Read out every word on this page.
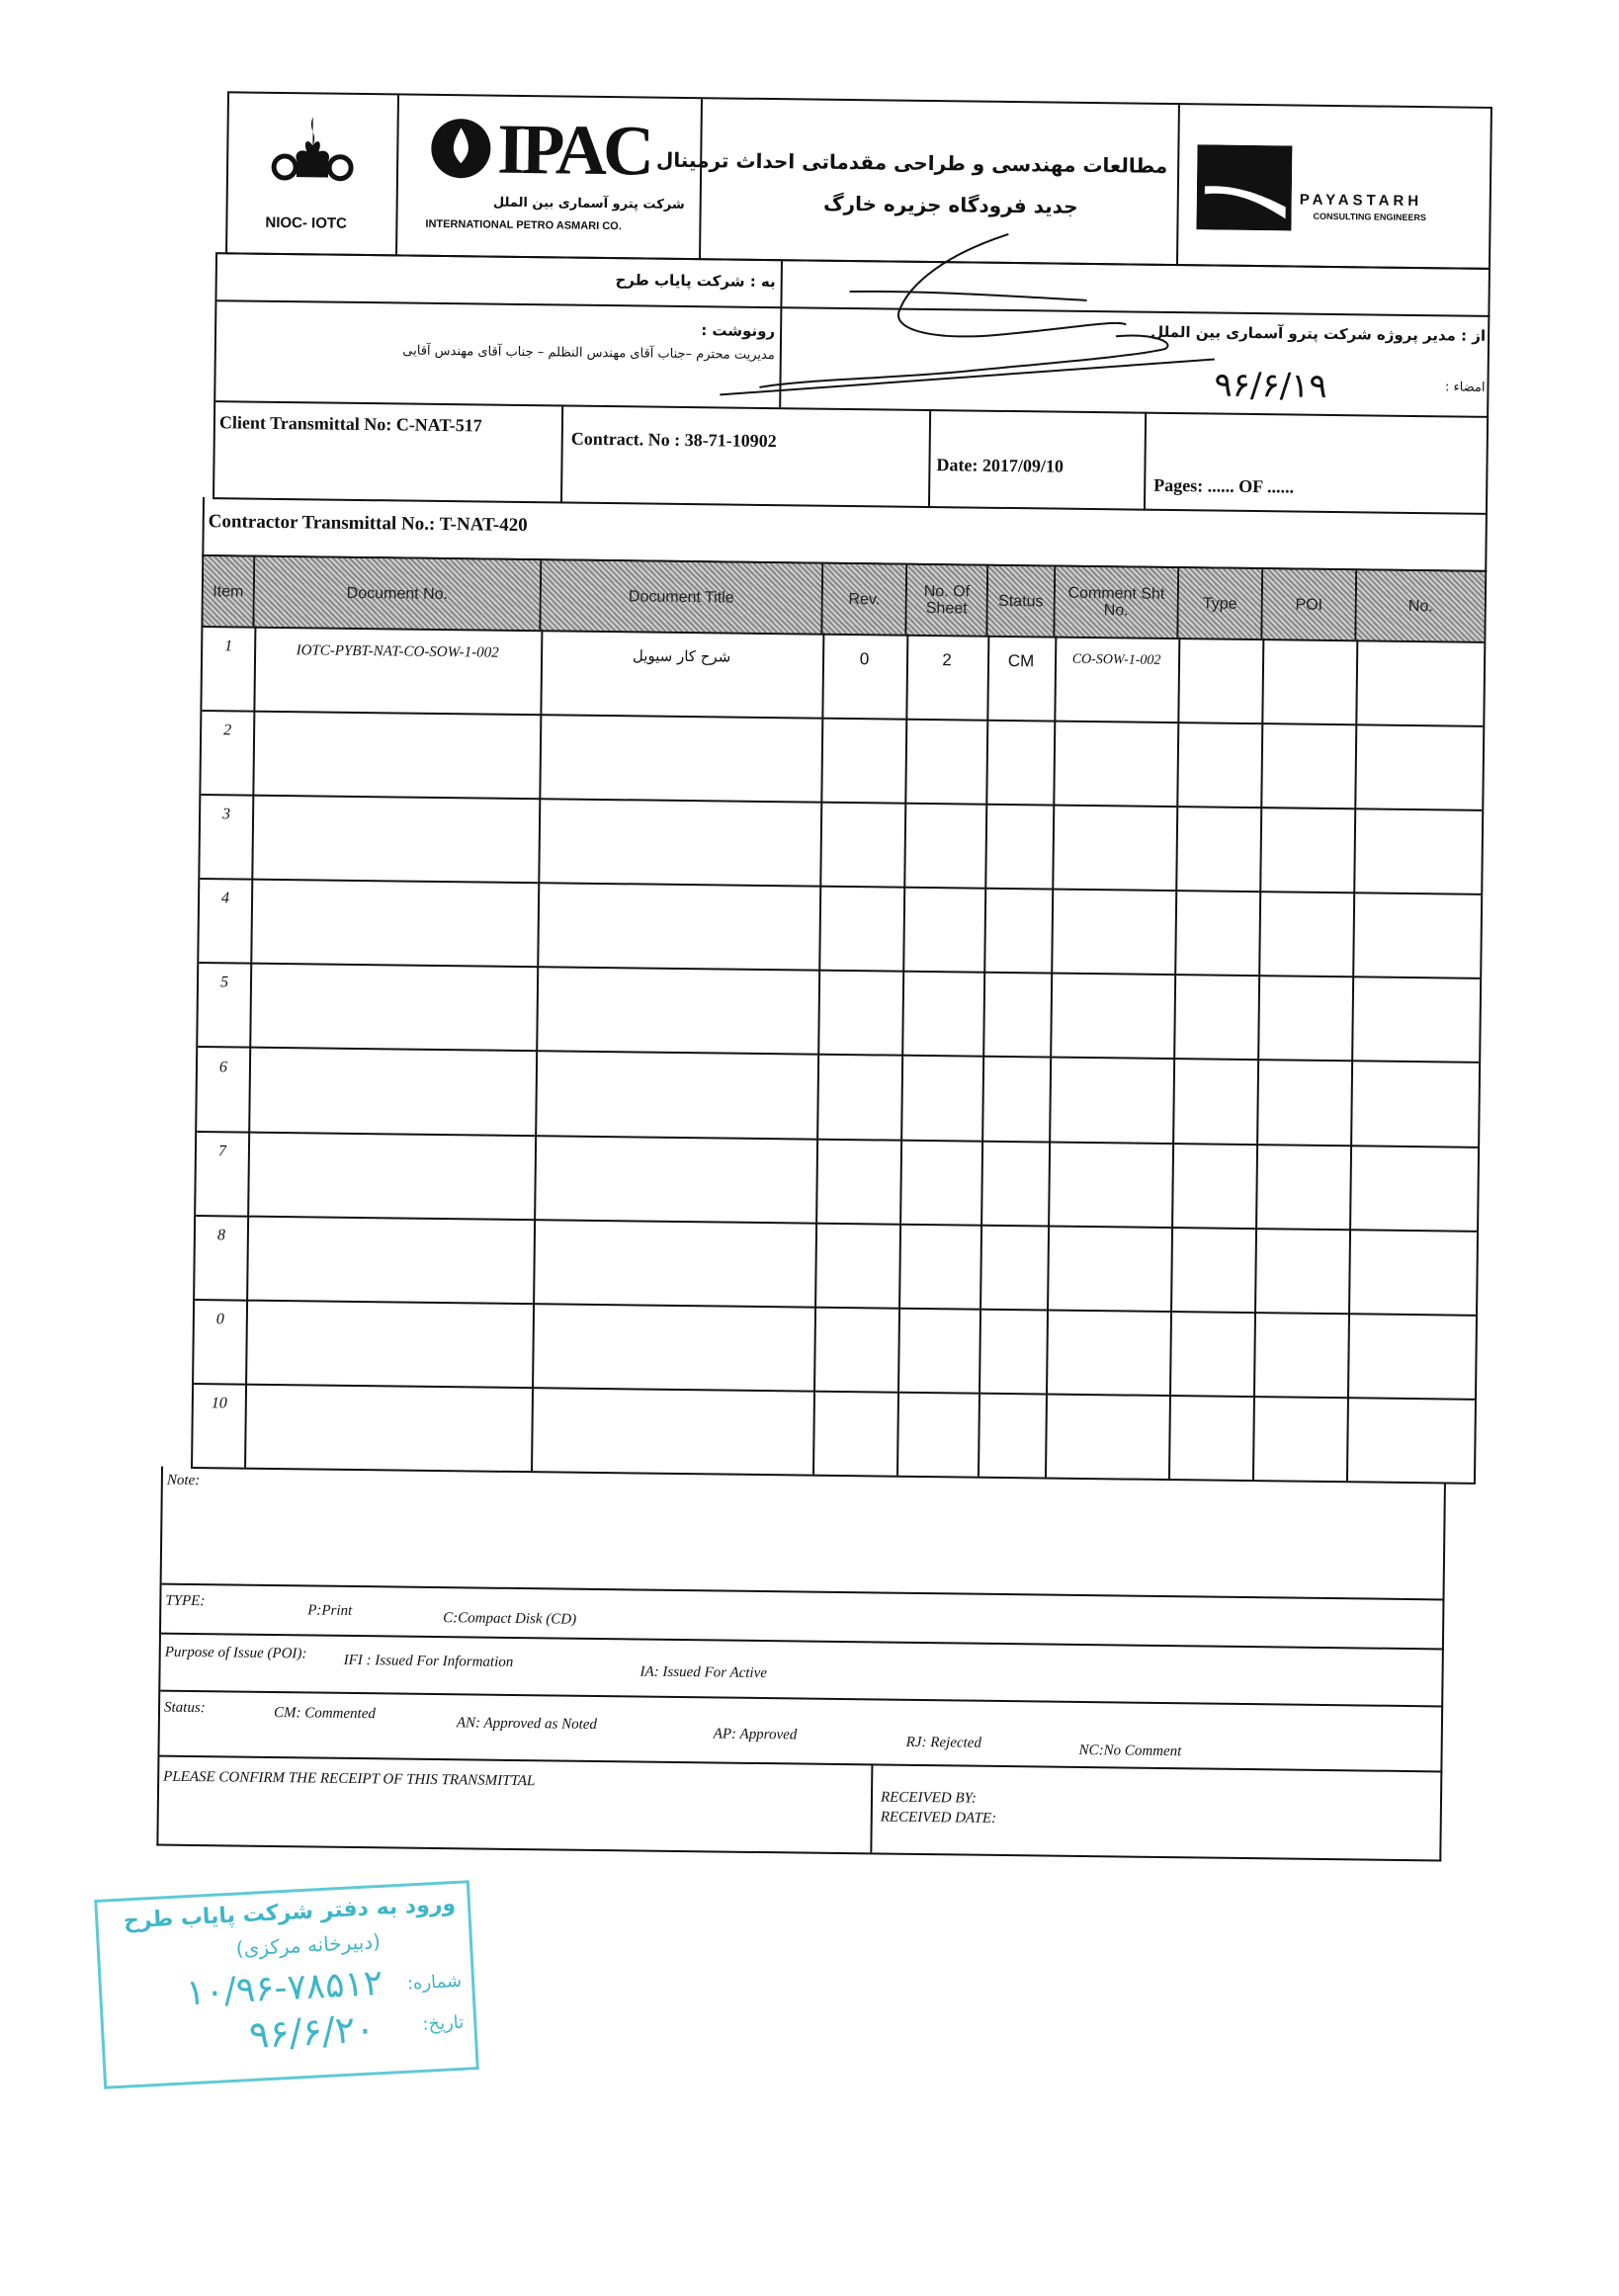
NIOC- IOTC
IPAC
شرکت پترو آسماری بین الملل
INTERNATIONAL PETRO ASMARI CO.
مطالعات مهندسی و طراحی مقدماتی احداث ترمینال
جدید فرودگاه جزیره خارگ	PAYASTARH
CONSULTING ENGINEERS
به : شرکت پایاب طرح
رونوشت :
مدیریت محترم –جناب آقای مهندس النظلم – جناب آقای مهندس آقایی
از : مدیر پروژه شرکت پترو آسماری بین الملل
امضاء :
۹۶/۶/۱۹
Client Transmittal No: C-NAT-517
Contract. No : 38-71-10902
Date: 2017/09/10
Pages: ...... OF ......
Contractor Transmittal No.: T-NAT-420
Item	Document No.	Document Title	Rev.	No. Of Sheet	Status	Comment Sht No.	Type	POI	No.
1	IOTC-PYBT-NAT-CO-SOW-1-002	شرح کار سیویل	0	2	CM	CO-SOW-1-002
2
3
4
5
6
7
8
0
10
Note:
TYPE:
P:Print	C:Compact Disk (CD)
Purpose of Issue (POI): IFI : Issued For Information
IA: Issued For Active
Status:	CM: Commented
AN: Approved as Noted
AP: Approved	RJ: Rejected	NC:No Comment
PLEASE CONFIRM THE RECEIPT OF THIS TRANSMITTAL
RECEIVED BY:
RECEIVED DATE:
ورود به دفتر شرکت پایاب طرح
(دبیرخانه مرکزی)
شماره:
۱۰/۹۶-۷۸۵۱۲
تاریخ:
۹۶/۶/۲۰
